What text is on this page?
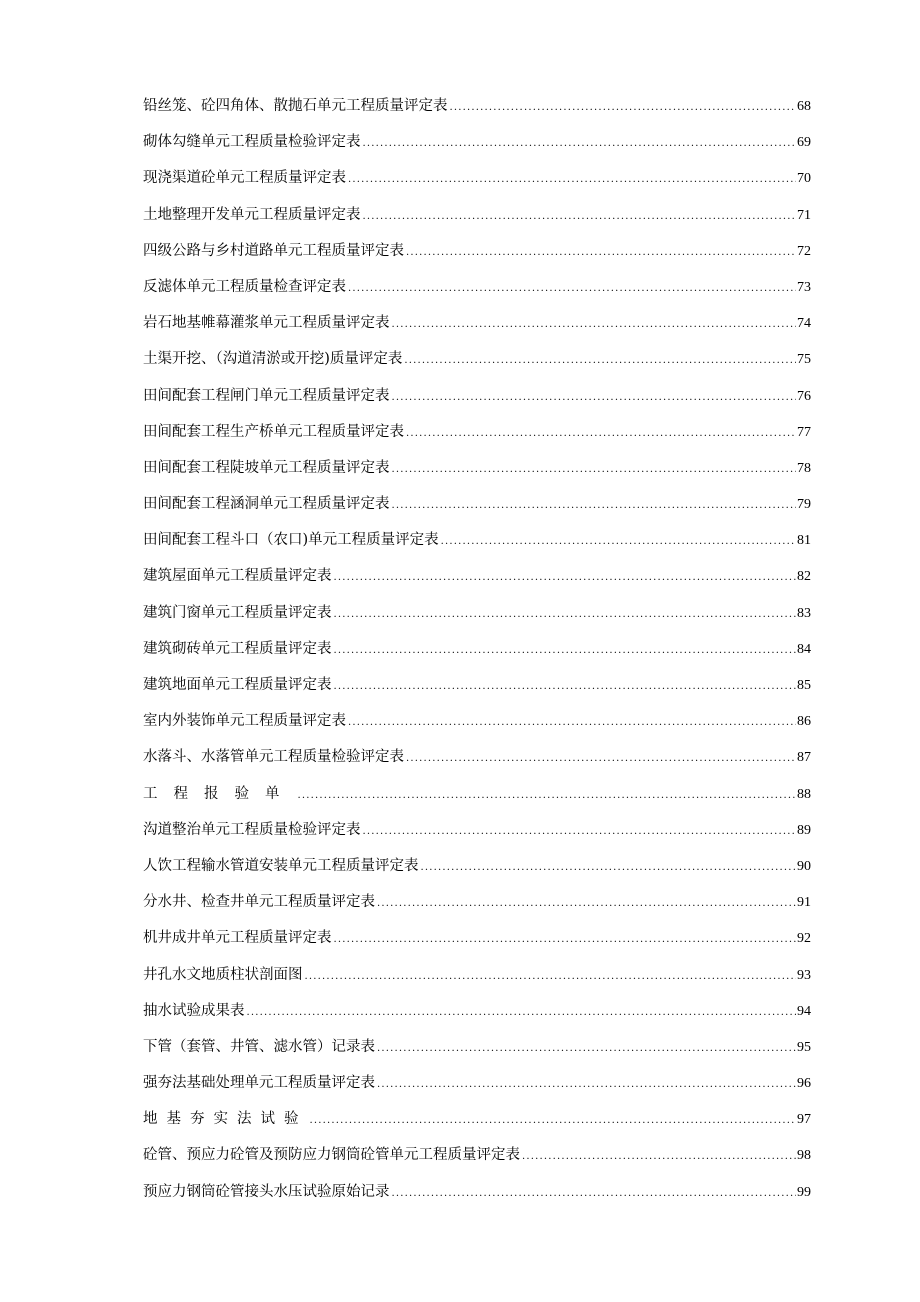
铅丝笼、砼四角体、散抛石单元工程质量评定表 .....	68
砌体勾缝单元工程质量检验评定表 .....	69
现浇渠道砼单元工程质量评定表 .....	70
土地整理开发单元工程质量评定表 .....	71
四级公路与乡村道路单元工程质量评定表 .....	72
反滤体单元工程质量检查评定表 .....	73
岩石地基帷幕灌浆单元工程质量评定表 .....	74
土渠开挖、（沟道清淤或开挖)质量评定表 .....	75
田间配套工程闸门单元工程质量评定表 .....	76
田间配套工程生产桥单元工程质量评定表 .....	77
田间配套工程陡坡单元工程质量评定表 .....	78
田间配套工程涵洞单元工程质量评定表 .....	79
田间配套工程斗口（农口)单元工程质量评定表 .....	81
建筑屋面单元工程质量评定表 .....	82
建筑门窗单元工程质量评定表 .....	83
建筑砌砖单元工程质量评定表 .....	84
建筑地面单元工程质量评定表 .....	85
室内外装饰单元工程质量评定表 .....	86
水落斗、水落管单元工程质量检验评定表 .....	87
工程报验单 .....	88
沟道整治单元工程质量检验评定表 .....	89
人饮工程输水管道安装单元工程质量评定表 .....	90
分水井、检查井单元工程质量评定表 .....	91
机井成井单元工程质量评定表 .....	92
井孔水文地质柱状剖面图 .....	93
抽水试验成果表 .....	94
下管（套管、井管、滤水管）记录表 .....	95
强夯法基础处理单元工程质量评定表 .....	96
地基夯实法试验 .....	97
砼管、预应力砼管及预防应力钢筒砼管单元工程质量评定表 .....	98
预应力钢筒砼管接头水压试验原始记录 .....	99
